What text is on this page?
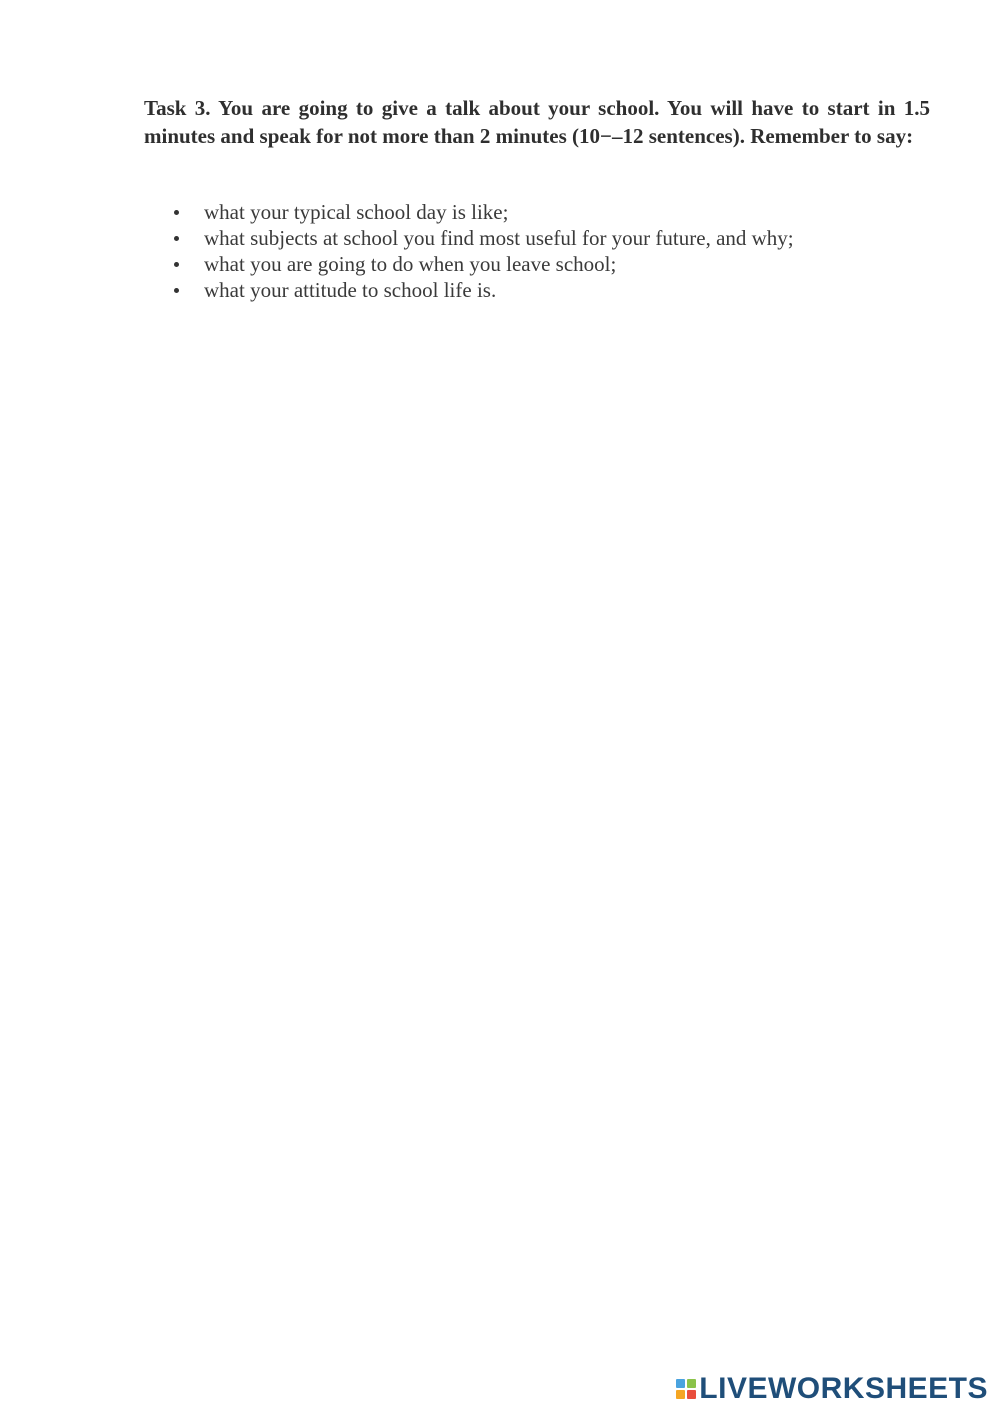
Task 3. You are going to give a talk about your school. You will have to start in 1.5 minutes and speak for not more than 2 minutes (10−–12 sentences). Remember to say:

what your typical school day is like;
what subjects at school you find most useful for your future, and why;
what you are going to do when you leave school;
what your attitude to school life is.
LIVEWORKSHEETS
